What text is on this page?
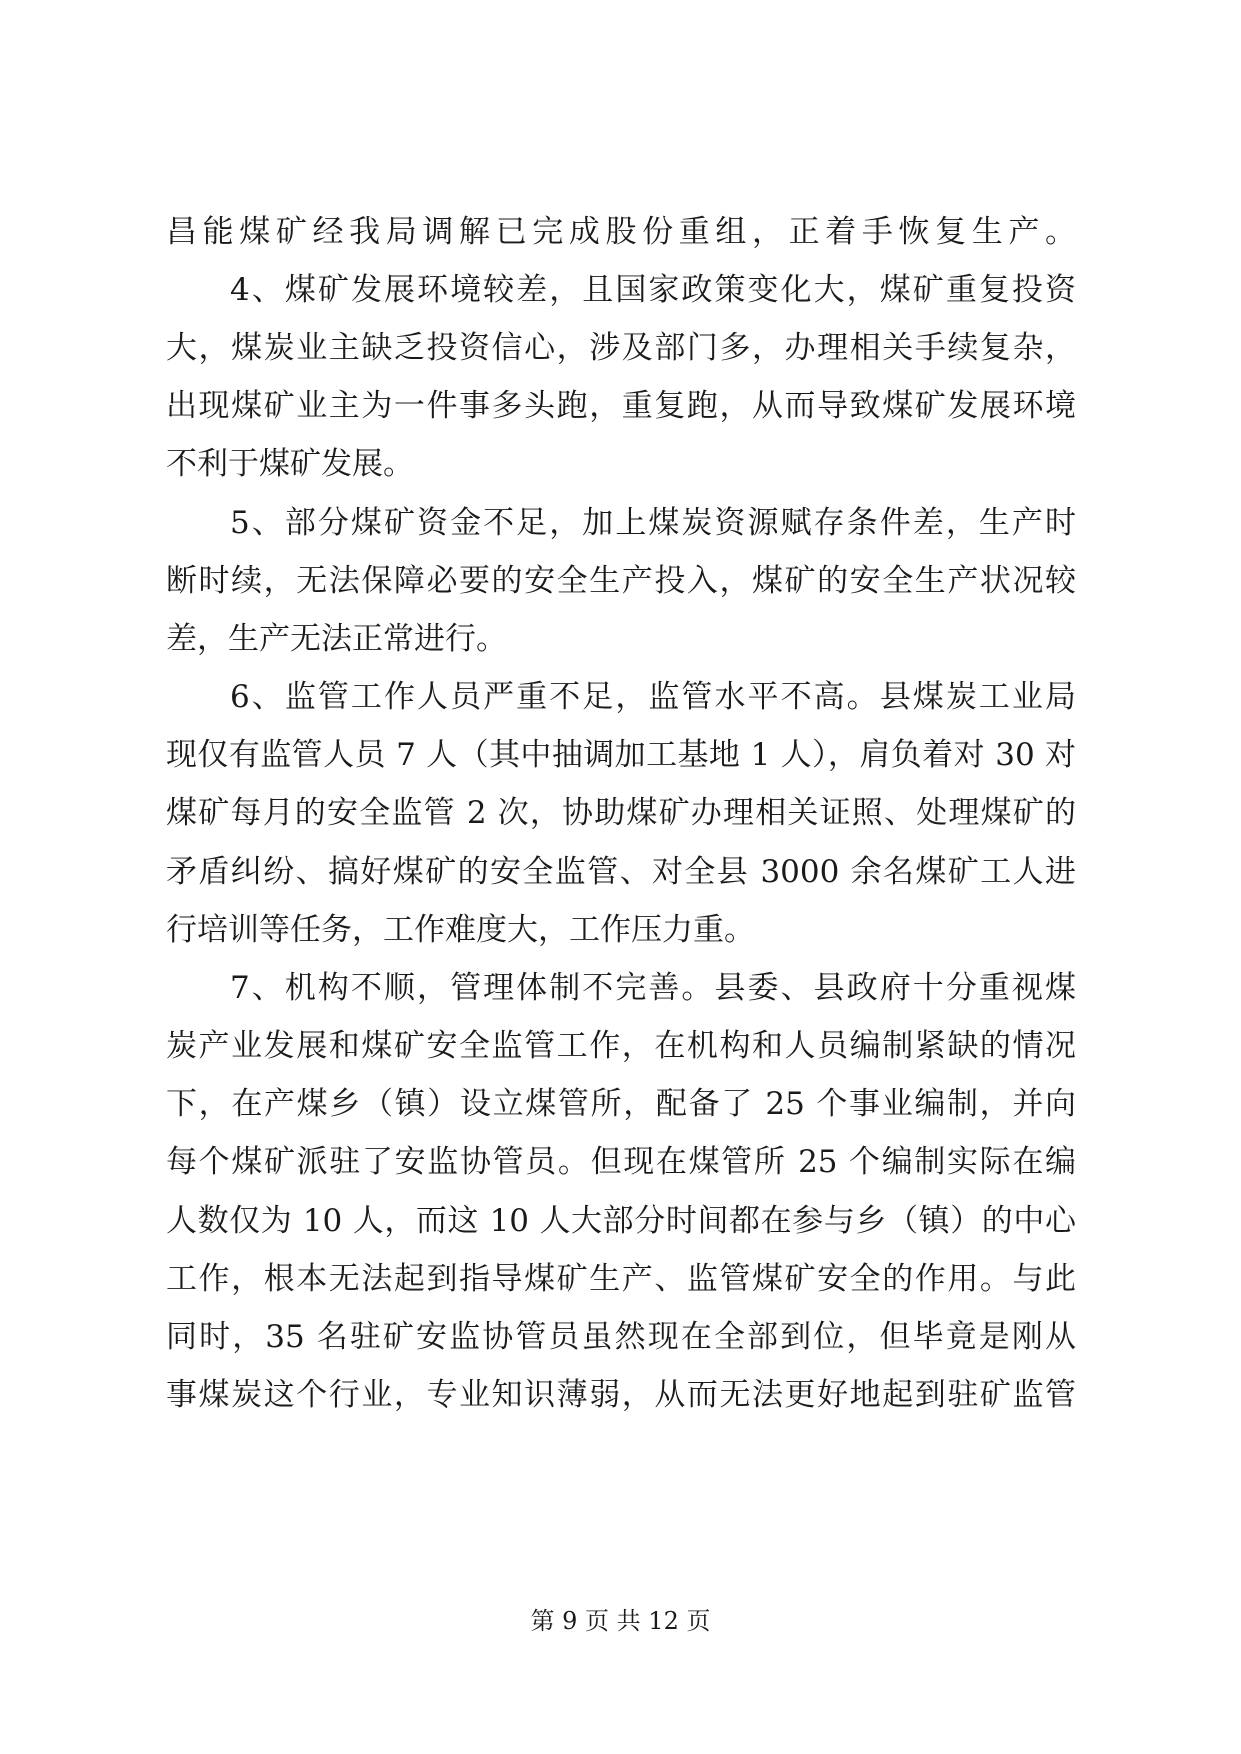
昌能煤矿经我局调解已完成股份重组，正着手恢复生产。
4、煤矿发展环境较差，且国家政策变化大，煤矿重复投资
大，煤炭业主缺乏投资信心，涉及部门多，办理相关手续复杂，
出现煤矿业主为一件事多头跑，重复跑，从而导致煤矿发展环境
不利于煤矿发展。
5、部分煤矿资金不足，加上煤炭资源赋存条件差，生产时
断时续，无法保障必要的安全生产投入，煤矿的安全生产状况较
差，生产无法正常进行。
6、监管工作人员严重不足，监管水平不高。县煤炭工业局
现仅有监管人员 7 人（其中抽调加工基地 1 人），肩负着对 30 对
煤矿每月的安全监管 2 次，协助煤矿办理相关证照、处理煤矿的
矛盾纠纷、搞好煤矿的安全监管、对全县 3000 余名煤矿工人进
行培训等任务，工作难度大，工作压力重。
7、机构不顺，管理体制不完善。县委、县政府十分重视煤
炭产业发展和煤矿安全监管工作，在机构和人员编制紧缺的情况
下，在产煤乡（镇）设立煤管所，配备了 25 个事业编制，并向
每个煤矿派驻了安监协管员。但现在煤管所 25 个编制实际在编
人数仅为 10 人，而这 10 人大部分时间都在参与乡（镇）的中心
工作，根本无法起到指导煤矿生产、监管煤矿安全的作用。与此
同时，35 名驻矿安监协管员虽然现在全部到位，但毕竟是刚从
事煤炭这个行业，专业知识薄弱，从而无法更好地起到驻矿监管
第 9 页 共 12 页
